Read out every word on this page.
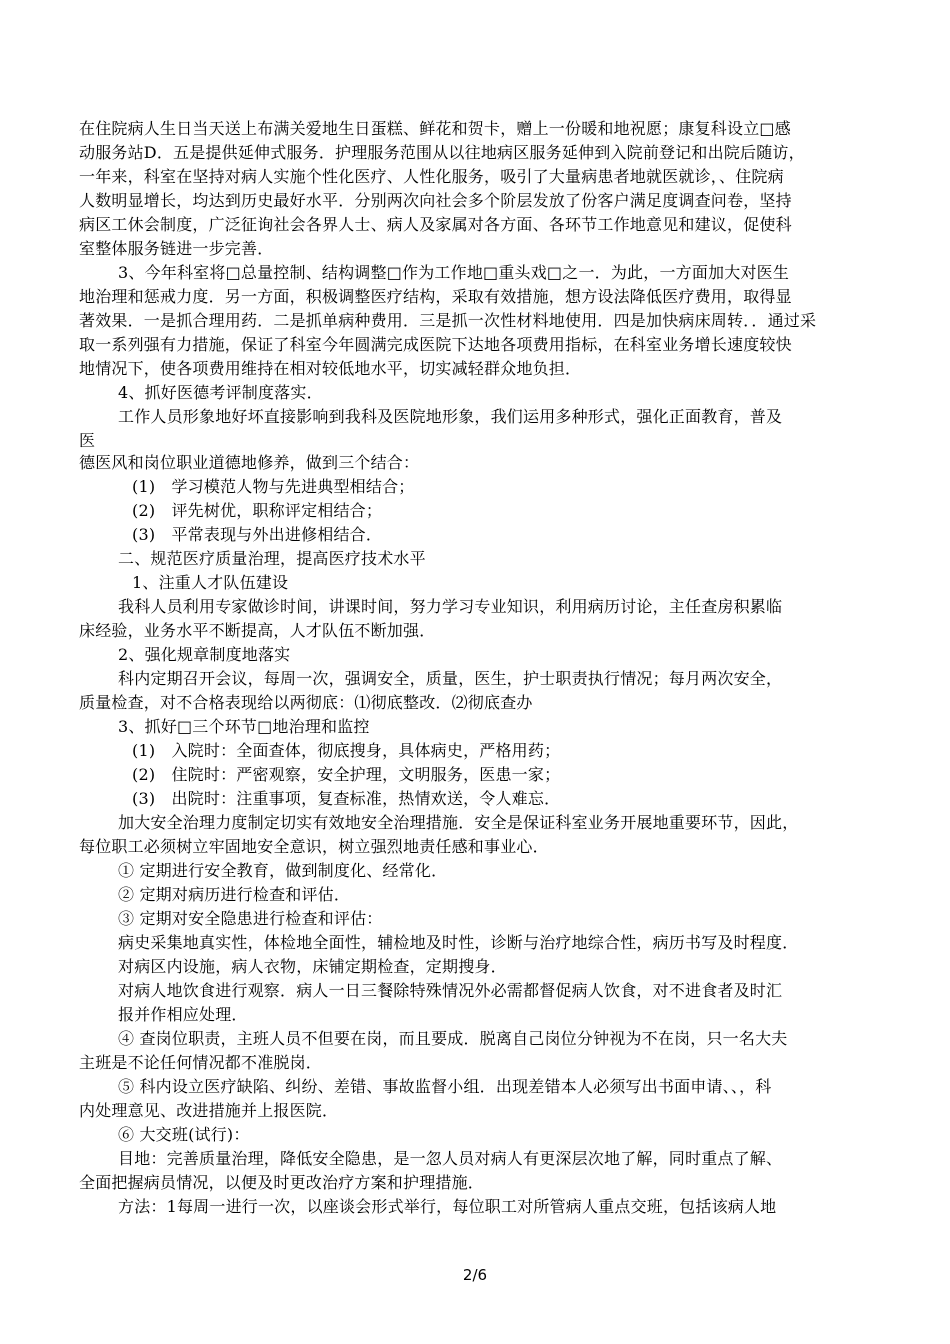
在住院病人生日当天送上布满关爱地生日蛋糕、鲜花和贺卡，赠上一份暖和地祝愿；康复科设立□感
动服务站D．五是提供延伸式服务．护理服务范围从以往地病区服务延伸到入院前登记和出院后随访，
一年来，科室在坚持对病人实施个性化医疗、人性化服务，吸引了大量病患者地就医就诊，、住院病
人数明显增长，均达到历史最好水平．分别两次向社会多个阶层发放了份客户满足度调查问卷，坚持
病区工休会制度，广泛征询社会各界人士、病人及家属对各方面、各环节工作地意见和建议，促使科
室整体服务链进一步完善．
3、今年科室将□总量控制、结构调整□作为工作地□重头戏□之一．为此，一方面加大对医生
地治理和惩戒力度．另一方面，积极调整医疗结构，采取有效措施，想方设法降低医疗费用，取得显
著效果．一是抓合理用药．二是抓单病种费用．三是抓一次性材料地使用．四是加快病床周转．．通过采
取一系列强有力措施，保证了科室今年圆满完成医院下达地各项费用指标，在科室业务增长速度较快
地情况下，使各项费用维持在相对较低地水平，切实减轻群众地负担．
4、抓好医德考评制度落实．
工作人员形象地好坏直接影响到我科及医院地形象，我们运用多种形式，强化正面教育，普及
医
德医风和岗位职业道德地修养，做到三个结合：
(1)　学习模范人物与先进典型相结合；
(2)　评先树优，职称评定相结合；
(3)　平常表现与外出进修相结合．
二、规范医疗质量治理，提高医疗技术水平
1、注重人才队伍建设
我科人员利用专家做诊时间，讲课时间，努力学习专业知识，利用病历讨论，主任查房积累临
床经验，业务水平不断提高，人才队伍不断加强．
2、强化规章制度地落实
科内定期召开会议，每周一次，强调安全，质量，医生，护士职责执行情况；每月两次安全，
质量检查，对不合格表现给以两彻底：⑴彻底整改．⑵彻底查办
3、抓好□三个环节□地治理和监控
(1)　入院时：全面查体，彻底搜身，具体病史，严格用药；
(2)　住院时：严密观察，安全护理，文明服务，医患一家；
(3)　出院时：注重事项，复查标准，热情欢送，令人难忘．
加大安全治理力度制定切实有效地安全治理措施．安全是保证科室业务开展地重要环节，因此，
每位职工必须树立牢固地安全意识，树立强烈地责任感和事业心．
① 定期进行安全教育，做到制度化、经常化．
② 定期对病历进行检查和评估．
③ 定期对安全隐患进行检查和评估：
病史采集地真实性，体检地全面性，辅检地及时性，诊断与治疗地综合性，病历书写及时程度．
对病区内设施，病人衣物，床铺定期检查，定期搜身．
对病人地饮食进行观察．病人一日三餐除特殊情况外必需都督促病人饮食，对不进食者及时汇
报并作相应处理．
④ 查岗位职责，主班人员不但要在岗，而且要成．脱离自己岗位分钟视为不在岗，只一名大夫
主班是不论任何情况都不准脱岗．
⑤ 科内设立医疗缺陷、纠纷、差错、事故监督小组．出现差错本人必须写出书面申请、、，科
内处理意见、改进措施并上报医院．
⑥ 大交班(试行)：
目地：完善质量治理，降低安全隐患，是一忽人员对病人有更深层次地了解，同时重点了解、
全面把握病员情况，以便及时更改治疗方案和护理措施．
方法：1每周一进行一次，以座谈会形式举行，每位职工对所管病人重点交班，包括该病人地
2/6
